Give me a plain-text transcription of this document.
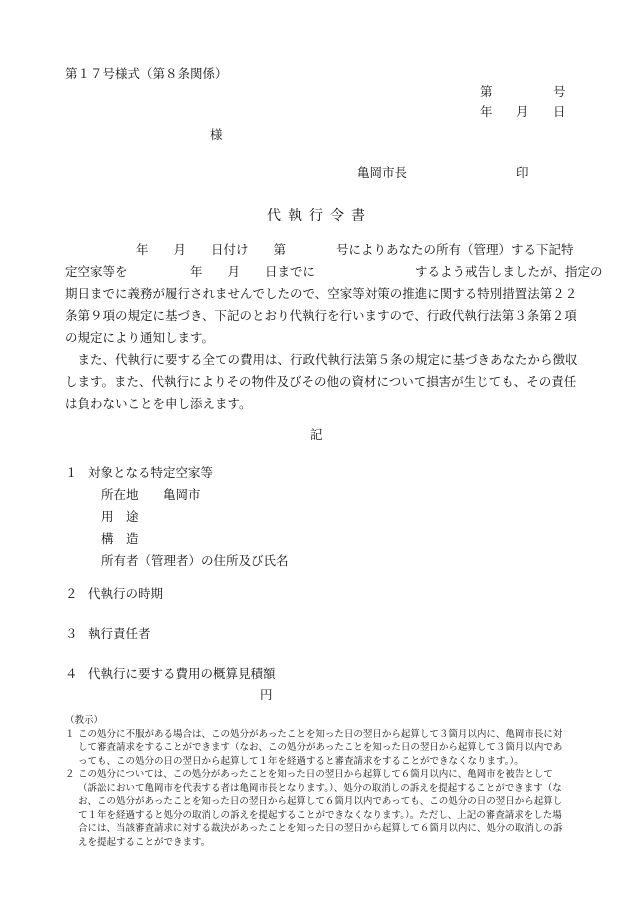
第１７号様式（第８条関係）
第	号
年 月 日
様
亀岡市長	印
代執行令書
年　　月　　日付け　　第　　　　号によりあなたの所有（管理）する下記特
定空家等を　　　　　年　　月　　日までに　　　　　　　　するよう戒告しましたが、指定の
期日までに義務が履行されませんでしたので、空家等対策の推進に関する特別措置法第２２
条第９項の規定に基づき、下記のとおり代執行を行いますので、行政代執行法第３条第２項
の規定により通知します。
　また、代執行に要する全ての費用は、行政代執行法第５条の規定に基づきあなたから徴収
します。また、代執行によりその物件及びその他の資材について損害が生じても、その責任
は負わないことを申し添えます。
記
１ 対象となる特定空家等
所在地 亀岡市
用　途
構　造
所有者（管理者）の住所及び氏名
２ 代執行の時期
３ 執行責任者
４ 代執行に要する費用の概算見積額
円
（教示）

１ この処分に不服がある場合は、この処分があったことを知った日の翌日から起算して３箇月以内に、亀岡市長に対して審査請求をすることができます（なお、この処分があったことを知った日の翌日から起算して３箇月以内であっても、この処分の日の翌日から起算して１年を経過すると審査請求をすることができなくなります。）。

２ この処分については、この処分があったことを知った日の翌日から起算して６箇月以内に、亀岡市を被告として（訴訟において亀岡市を代表する者は亀岡市長となります。）、処分の取消しの訴えを提起することができます（なお、この処分があったことを知った日の翌日から起算して６箇月以内であっても、この処分の日の翌日から起算して１年を経過すると処分の取消しの訴えを提起することができなくなります。）。ただし、上記の審査請求をした場合には、当該審査請求に対する裁決があったことを知った日の翌日から起算して６箇月以内に、処分の取消しの訴えを提起することができます。
